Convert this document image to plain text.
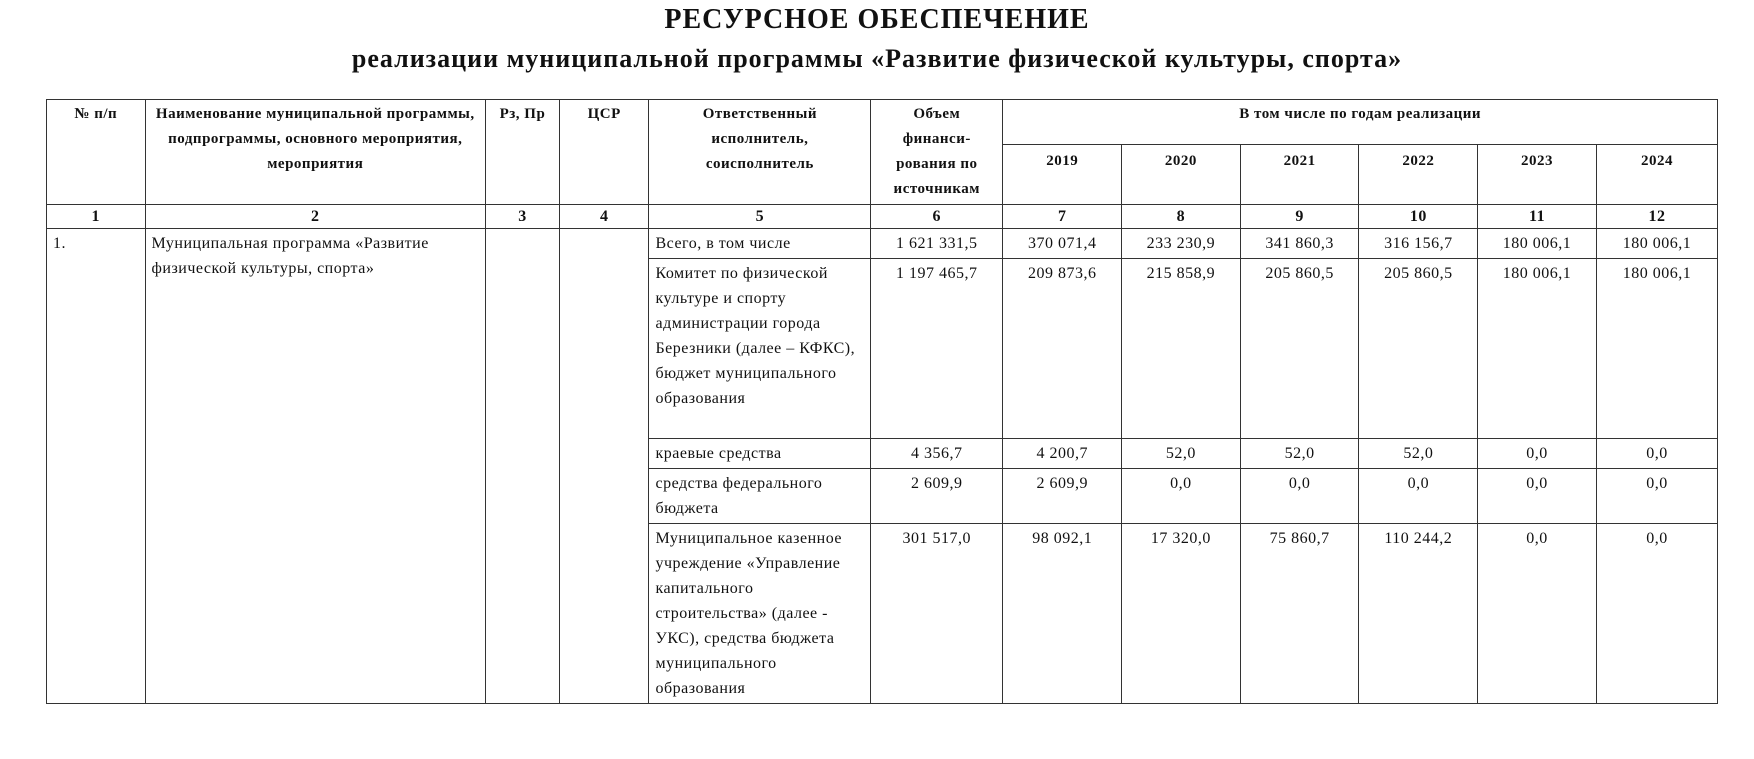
РЕСУРСНОЕ ОБЕСПЕЧЕНИЕ
реализации муниципальной программы «Развитие физической культуры, спорта»
№ п/п	Наименование муниципальной программы, подпрограммы, основного мероприятия, мероприятия	Рз, Пр	ЦСР	Ответственный исполнитель, соисполнитель	Объем финанси-рования по источникам	В том числе по годам реализации					
						2019	2020	2021	2022	2023	2024
1	2	3	4	5	6	7	8	9	10	11	12
1.	Муниципальная программа «Развитие физической культуры, спорта»			Всего, в том числе	1 621 331,5	370 071,4	233 230,9	341 860,3	316 156,7	180 006,1	180 006,1
				Комитет по физической культуре и спорту администрации города Березники (далее – КФКС), бюджет муниципального образования	1 197 465,7	209 873,6	215 858,9	205 860,5	205 860,5	180 006,1	180 006,1
				краевые средства	4 356,7	4 200,7	52,0	52,0	52,0	0,0	0,0
				средства федерального бюджета	2 609,9	2 609,9	0,0	0,0	0,0	0,0	0,0
				Муниципальное казенное учреждение «Управление капитального строительства» (далее - УКС), средства бюджета муниципального образования	301 517,0	98 092,1	17 320,0	75 860,7	110 244,2	0,0	0,0
